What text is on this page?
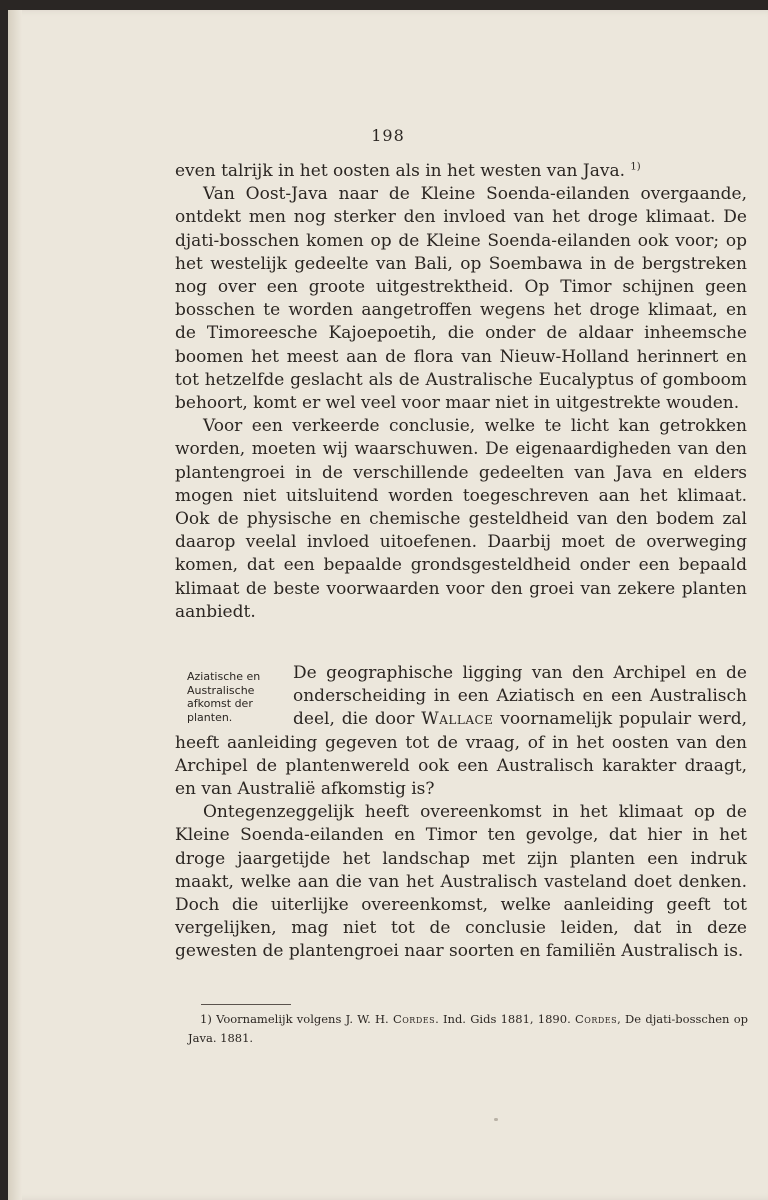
198

even talrijk in het oosten als in het westen van Java. $^{1)}$

Van Oost-Java naar de Kleine Soenda-eilanden overgaande, ontdekt men nog sterker den invloed van het droge klimaat. De djati-bosschen komen op de Kleine Soenda-eilanden ook voor; op het westelijk gedeelte van Bali, op Soembawa in de bergstreken nog over een groote uitgestrektheid. Op Timor schijnen geen bosschen te worden aangetroffen wegens het droge klimaat, en de Timoreesche Kajoepoetih, die onder de aldaar inheemsche boomen het meest aan de flora van Nieuw-Holland herinnert en tot hetzelfde geslacht als de Australische Eucalyptus of gomboom behoort, komt er wel veel voor maar niet in uitgestrekte wouden.

Voor een verkeerde conclusie, welke te licht kan getrokken worden, moeten wij waarschuwen. De eigenaardigheden van den plantengroei in de verschillende gedeelten van Java en elders mogen niet uitsluitend worden toegeschreven aan het klimaat. Ook de physische en chemische gesteldheid van den bodem zal daarop veelal invloed uitoefenen. Daarbij moet de overweging komen, dat een bepaalde grondsgesteldheid onder een bepaald klimaat de beste voorwaarden voor den groei van zekere planten aanbiedt.

Aziatische en
Australische
afkomst der
planten.
De geographische ligging van den Archipel en de
onderscheiding in een Aziatisch en een Australisch
deel, die door Wallace voornamelijk populair werd,

heeft aanleiding gegeven tot de vraag, of in het oosten van den Archipel de plantenwereld ook een Australisch karakter draagt, en van Australië afkomstig is?

Ontegenzeggelijk heeft overeenkomst in het klimaat op de Kleine Soenda-eilanden en Timor ten gevolge, dat hier in het droge jaargetijde het landschap met zijn planten een indruk maakt, welke aan die van het Australisch vasteland doet denken. Doch die uiterlijke overeenkomst, welke aanleiding geeft tot vergelijken, mag niet tot de conclusie leiden, dat in deze gewesten de plantengroei naar soorten en familiën Australisch is.

1) Voornamelijk volgens J. W. H. Cordes. Ind. Gids 1881, 1890. Cordes, De djati-bosschen op Java. 1881.
